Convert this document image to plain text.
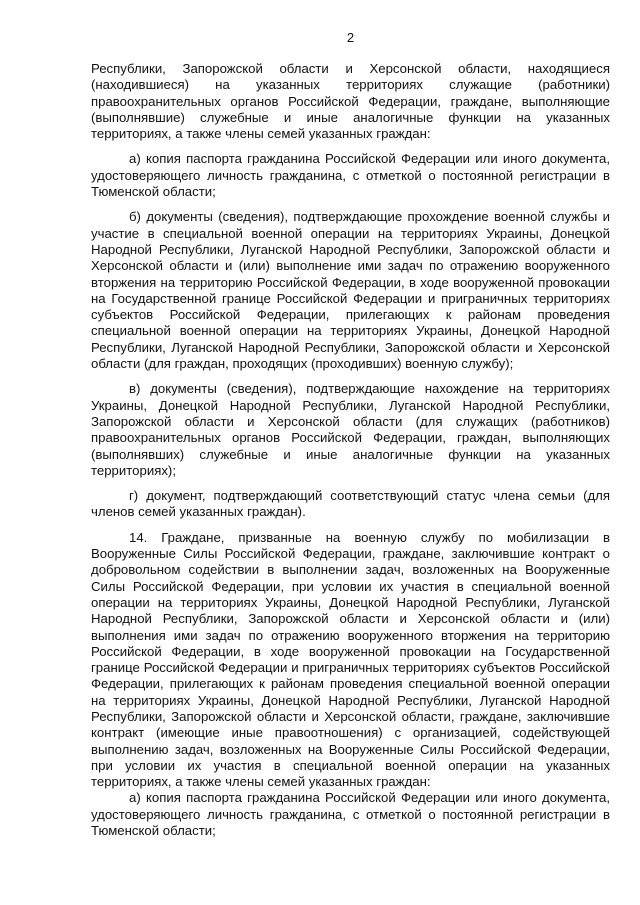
2

Республики, Запорожской области и Херсонской области, находящиеся (находившиеся) на указанных территориях служащие (работники) правоохранительных органов Российской Федерации, граждане, выполняющие (выполнявшие) служебные и иные аналогичные функции на указанных территориях, а также члены семей указанных граждан:

а) копия паспорта гражданина Российской Федерации или иного документа, удостоверяющего личность гражданина, с отметкой о постоянной регистрации в Тюменской области;

б) документы (сведения), подтверждающие прохождение военной службы и участие в специальной военной операции на территориях Украины, Донецкой Народной Республики, Луганской Народной Республики, Запорожской области и Херсонской области и (или) выполнение ими задач по отражению вооруженного вторжения на территорию Российской Федерации, в ходе вооруженной провокации на Государственной границе Российской Федерации и приграничных территориях субъектов Российской Федерации, прилегающих к районам проведения специальной военной операции на территориях Украины, Донецкой Народной Республики, Луганской Народной Республики, Запорожской области и Херсонской области (для граждан, проходящих (проходивших) военную службу);

в) документы (сведения), подтверждающие нахождение на территориях Украины, Донецкой Народной Республики, Луганской Народной Республики, Запорожской области и Херсонской области (для служащих (работников) правоохранительных органов Российской Федерации, граждан, выполняющих (выполнявших) служебные и иные аналогичные функции на указанных территориях);

г) документ, подтверждающий соответствующий статус члена семьи (для членов семей указанных граждан).

14. Граждане, призванные на военную службу по мобилизации в Вооруженные Силы Российской Федерации, граждане, заключившие контракт о добровольном содействии в выполнении задач, возложенных на Вооруженные Силы Российской Федерации, при условии их участия в специальной военной операции на территориях Украины, Донецкой Народной Республики, Луганской Народной Республики, Запорожской области и Херсонской области и (или) выполнения ими задач по отражению вооруженного вторжения на территорию Российской Федерации, в ходе вооруженной провокации на Государственной границе Российской Федерации и приграничных территориях субъектов Российской Федерации, прилегающих к районам проведения специальной военной операции на территориях Украины, Донецкой Народной Республики, Луганской Народной Республики, Запорожской области и Херсонской области, граждане, заключившие контракт (имеющие иные правоотношения) с организацией, содействующей выполнению задач, возложенных на Вооруженные Силы Российской Федерации, при условии их участия в специальной военной операции на указанных территориях, а также члены семей указанных граждан:

а) копия паспорта гражданина Российской Федерации или иного документа, удостоверяющего личность гражданина, с отметкой о постоянной регистрации в Тюменской области;
